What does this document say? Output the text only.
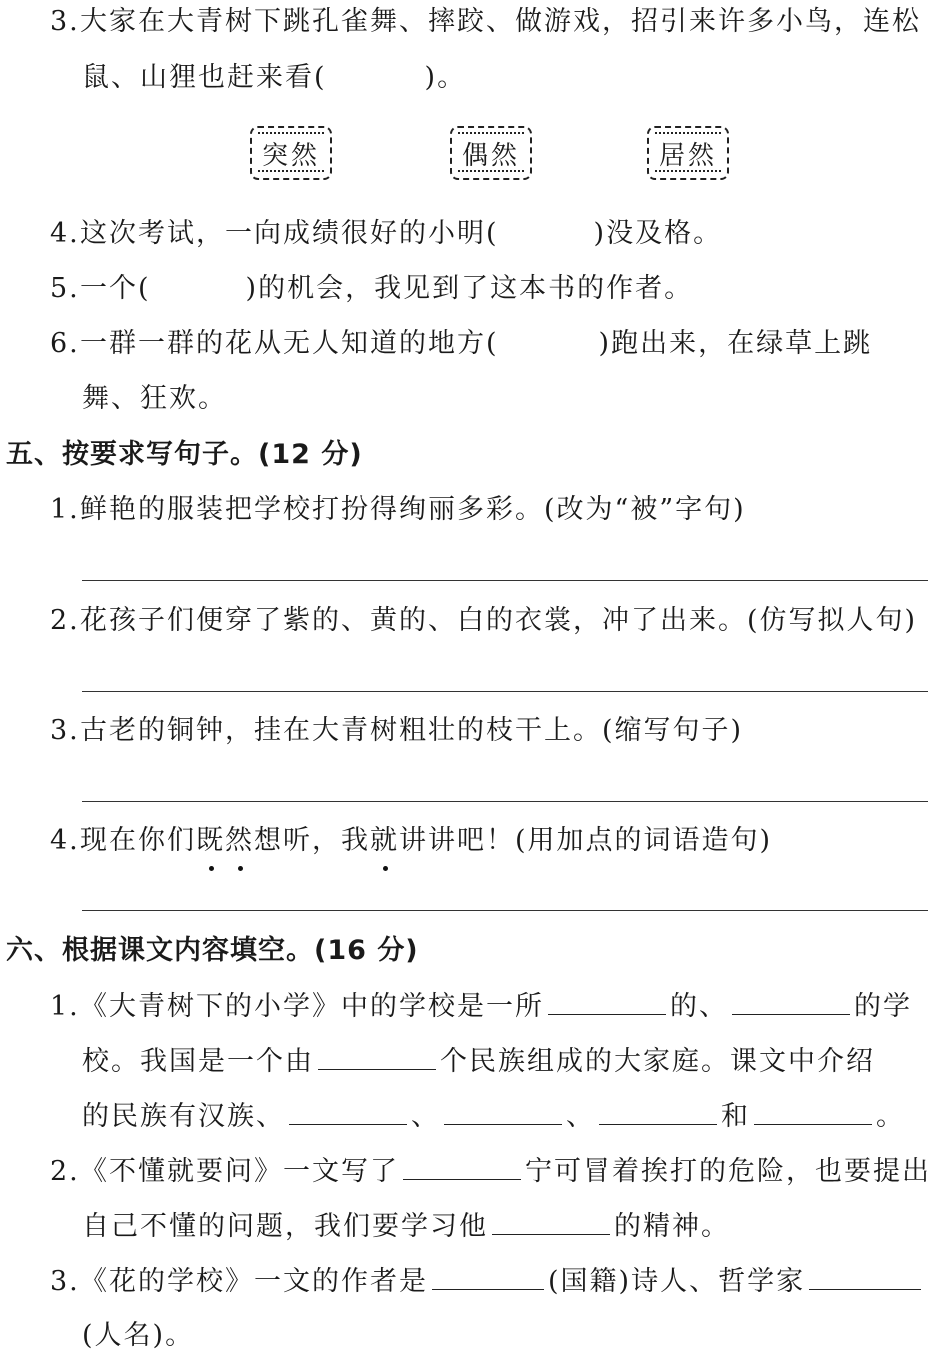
3.大家在大青树下跳孔雀舞、摔跤、做游戏，招引来许多小鸟，连松
鼠、山狸也赶来看(	)。
突然	偶然	居然
4.这次考试，一向成绩很好的小明(	)没及格。
5.一个(	)的机会，我见到了这本书的作者。
6.一群一群的花从无人知道的地方(	)跑出来，在绿草上跳
舞、狂欢。
五、按要求写句子。(12 分)
1.鲜艳的服装把学校打扮得绚丽多彩。(改为“被”字句)
2.花孩子们便穿了紫的、黄的、白的衣裳，冲了出来。(仿写拟人句)
3.古老的铜钟，挂在大青树粗壮的枝干上。(缩写句子)
4.现在你们既然想听，我就讲讲吧！(用加点的词语造句)
六、根据课文内容填空。(16 分)
1.《大青树下的小学》中的学校是一所	的、	的学
校。我国是一个由	个民族组成的大家庭。课文中介绍
的民族有汉族、	、	、	和	。
2.《不懂就要问》一文写了	宁可冒着挨打的危险，也要提出
自己不懂的问题，我们要学习他	的精神。
3.《花的学校》一文的作者是	(国籍)诗人、哲学家
(人名)。
